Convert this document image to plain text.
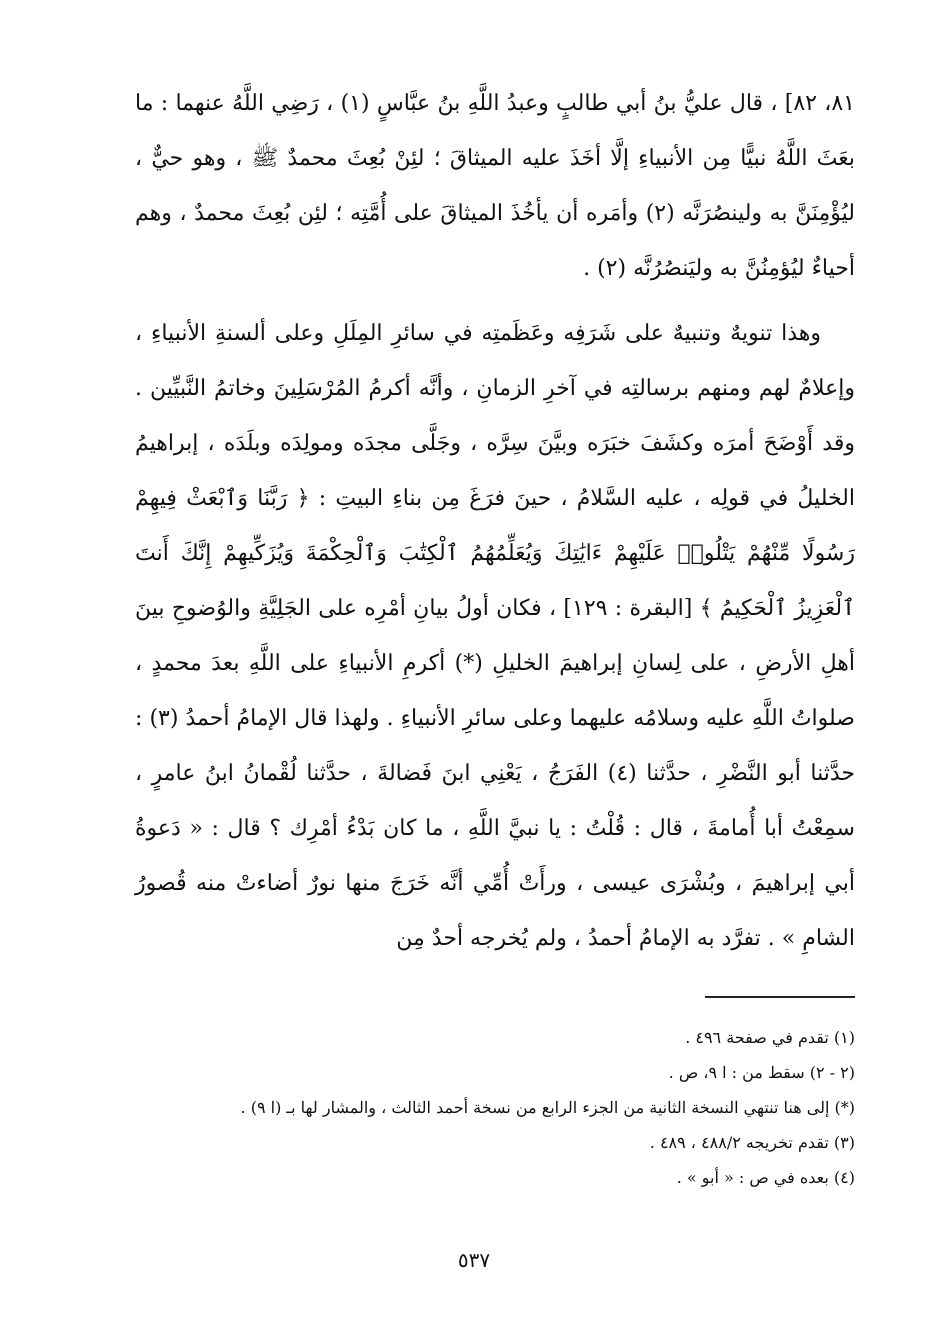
٨١، ٨٢] ، قال عليُّ بنُ أبي طالبٍ وعبدُ اللَّهِ بنُ عبَّاسٍ (١) ، رَضِي اللَّهُ عنهما : ما بعَثَ اللَّهُ نبيًّا مِن الأنبياءِ إلَّا أخَذَ عليه الميثاقَ ؛ لئِنْ بُعِثَ محمدٌ ﷺ ، وهو حيٌّ ، ليُؤْمِنَنَّ به ولينصُرَنَّه (٢) وأمَره أن يأخُذَ الميثاقَ على أُمَّتِه ؛ لئِن بُعِثَ محمدٌ ، وهم أحياءٌ ليُؤمِنُنَّ به وليَنصُرُنَّه (٢) .

وهذا تنويهٌ وتنبيهٌ على شَرَفِه وعَظَمتِه في سائرِ المِلَلِ وعلى ألسنةِ الأنبياءِ ، وإعلامٌ لهم ومنهم برسالتِه في آخرِ الزمانِ ، وأنَّه أكرمُ المُرْسَلِينَ وخاتمُ النَّبيِّين . وقد أَوْضَحَ أمرَه وكشَفَ خبَرَه وبيَّنَ سِرَّه ، وجَلَّى مجدَه ومولِدَه وبلَدَه ، إبراهيمُ الخليلُ في قولِه ، عليه السَّلامُ ، حينَ فرَغَ مِن بناءِ البيتِ : ﴿ رَبَّنَا وَٱبْعَثْ فِيهِمْ رَسُولًا مِّنْهُمْ يَتْلُوا۟ عَلَيْهِمْ ءَايَٰتِكَ وَيُعَلِّمُهُمُ ٱلْكِتَٰبَ وَٱلْحِكْمَةَ وَيُزَكِّيهِمْ إِنَّكَ أَنتَ ٱلْعَزِيزُ ٱلْحَكِيمُ ﴾ [البقرة : ١٢٩] ، فكان أولُ بيانِ أمْرِه على الجَلِيَّةِ والوُضوحِ بينَ أهلِ الأرضِ ، على لِسانِ إبراهيمَ الخليلِ (*) أكرمِ الأنبياءِ على اللَّهِ بعدَ محمدٍ ، صلواتُ اللَّهِ عليه وسلامُه عليهما وعلى سائرِ الأنبياءِ . ولهذا قال الإمامُ أحمدُ (٣) : حدَّثنا أبو النَّضْرِ ، حدَّثنا (٤) الفَرَجُ ، يَعْنِي ابنَ فَضالةَ ، حدَّثنا لُقْمانُ ابنُ عامرٍ ، سمِعْتُ أبا أُمامةَ ، قال : قُلْتُ : يا نبيَّ اللَّهِ ، ما كان بَدْءُ أمْرِك ؟ قال : « دَعوةُ أبي إبراهيمَ ، وبُشْرَى عيسى ، ورأَتْ أُمِّي أنَّه خَرَجَ منها نورٌ أضاءتْ منه قُصورُ الشامِ » . تفرَّد به الإمامُ أحمدُ ، ولم يُخرجه أحدٌ مِن

(١) تقدم في صفحة ٤٩٦ .

(٢ - ٢) سقط من : ا ٩، ص .

(*) إلى هنا تنتهي النسخة الثانية من الجزء الرابع من نسخة أحمد الثالث ، والمشار لها بـ (ا ٩) .

(٣) تقدم تخريجه ٤٨٨/٢ ، ٤٨٩ .

(٤) بعده في ص : « أبو » .

٥٣٧
